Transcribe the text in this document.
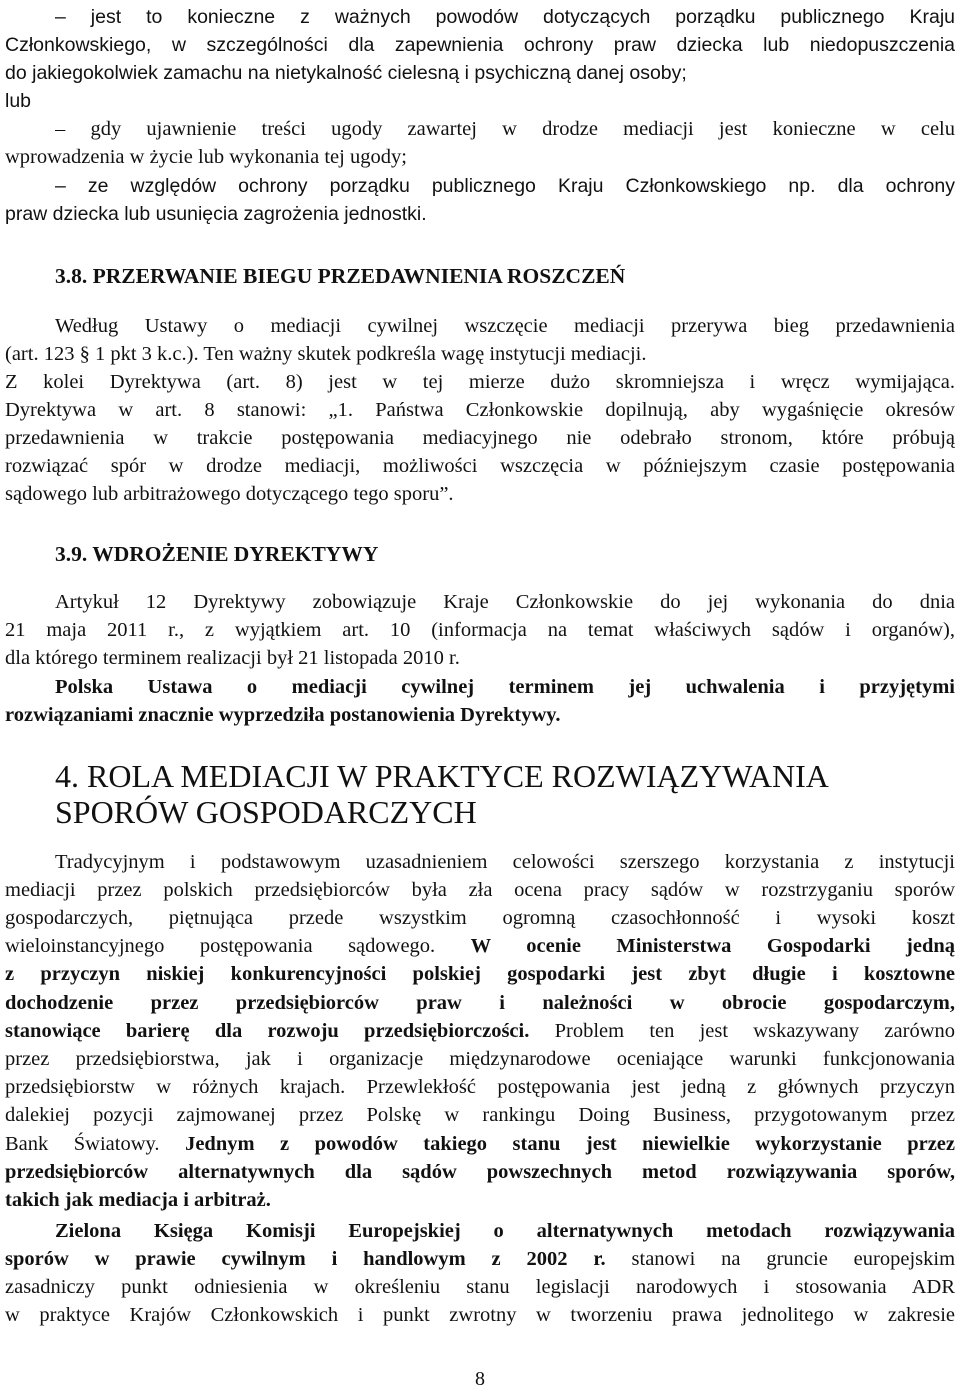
– jest to konieczne z ważnych powodów dotyczących porządku publicznego Kraju
Członkowskiego, w szczególności dla zapewnienia ochrony praw dziecka lub niedopuszczenia
do jakiegokolwiek zamachu na nietykalność cielesną i psychiczną danej osoby;
lub
– gdy ujawnienie treści ugody zawartej w drodze mediacji jest konieczne w celu
wprowadzenia w życie lub wykonania tej ugody;
– ze względów ochrony porządku publicznego Kraju Członkowskiego np. dla ochrony
praw dziecka lub usunięcia zagrożenia jednostki.
3.8. PRZERWANIE BIEGU PRZEDAWNIENIA ROSZCZEŃ
Według Ustawy o mediacji cywilnej wszczęcie mediacji przerywa bieg przedawnienia
(art. 123 § 1 pkt 3 k.c.). Ten ważny skutek podkreśla wagę instytucji mediacji.
Z kolei Dyrektywa (art. 8) jest w tej mierze dużo skromniejsza i wręcz wymijająca.
Dyrektywa w art. 8 stanowi: „1. Państwa Członkowskie dopilnują, aby wygaśnięcie okresów
przedawnienia w trakcie postępowania mediacyjnego nie odebrało stronom, które próbują
rozwiązać spór w drodze mediacji, możliwości wszczęcia w późniejszym czasie postępowania
sądowego lub arbitrażowego dotyczącego tego sporu”.
3.9. WDROŻENIE DYREKTYWY
Artykuł 12 Dyrektywy zobowiązuje Kraje Członkowskie do jej wykonania do dnia
21 maja 2011 r., z wyjątkiem art. 10 (informacja na temat właściwych sądów i organów),
dla którego terminem realizacji był 21 listopada 2010 r.
Polska Ustawa o mediacji cywilnej terminem jej uchwalenia i przyjętymi
rozwiązaniami znacznie wyprzedziła postanowienia Dyrektywy.
4. ROLA MEDIACJI W PRAKTYCE ROZWIĄZYWANIA
SPORÓW GOSPODARCZYCH
Tradycyjnym i podstawowym uzasadnieniem celowości szerszego korzystania z instytucji
mediacji przez polskich przedsiębiorców była zła ocena pracy sądów w rozstrzyganiu sporów
gospodarczych, piętnująca przede wszystkim ogromną czasochłonność i wysoki koszt
wieloinstancyjnego postępowania sądowego. W ocenie Ministerstwa Gospodarki jedną
z przyczyn niskiej konkurencyjności polskiej gospodarki jest zbyt długie i kosztowne
dochodzenie przez przedsiębiorców praw i należności w obrocie gospodarczym,
stanowiące barierę dla rozwoju przedsiębiorczości. Problem ten jest wskazywany zarówno
przez przedsiębiorstwa, jak i organizacje międzynarodowe oceniające warunki funkcjonowania
przedsiębiorstw w różnych krajach. Przewlekłość postępowania jest jedną z głównych przyczyn
dalekiej pozycji zajmowanej przez Polskę w rankingu Doing Business, przygotowanym przez
Bank Światowy. Jednym z powodów takiego stanu jest niewielkie wykorzystanie przez
przedsiębiorców alternatywnych dla sądów powszechnych metod rozwiązywania sporów,
takich jak mediacja i arbitraż.
Zielona Księga Komisji Europejskiej o alternatywnych metodach rozwiązywania
sporów w prawie cywilnym i handlowym z 2002 r. stanowi na gruncie europejskim
zasadniczy punkt odniesienia w określeniu stanu legislacji narodowych i stosowania ADR
w praktyce Krajów Członkowskich i punkt zwrotny w tworzeniu prawa jednolitego w zakresie
8
